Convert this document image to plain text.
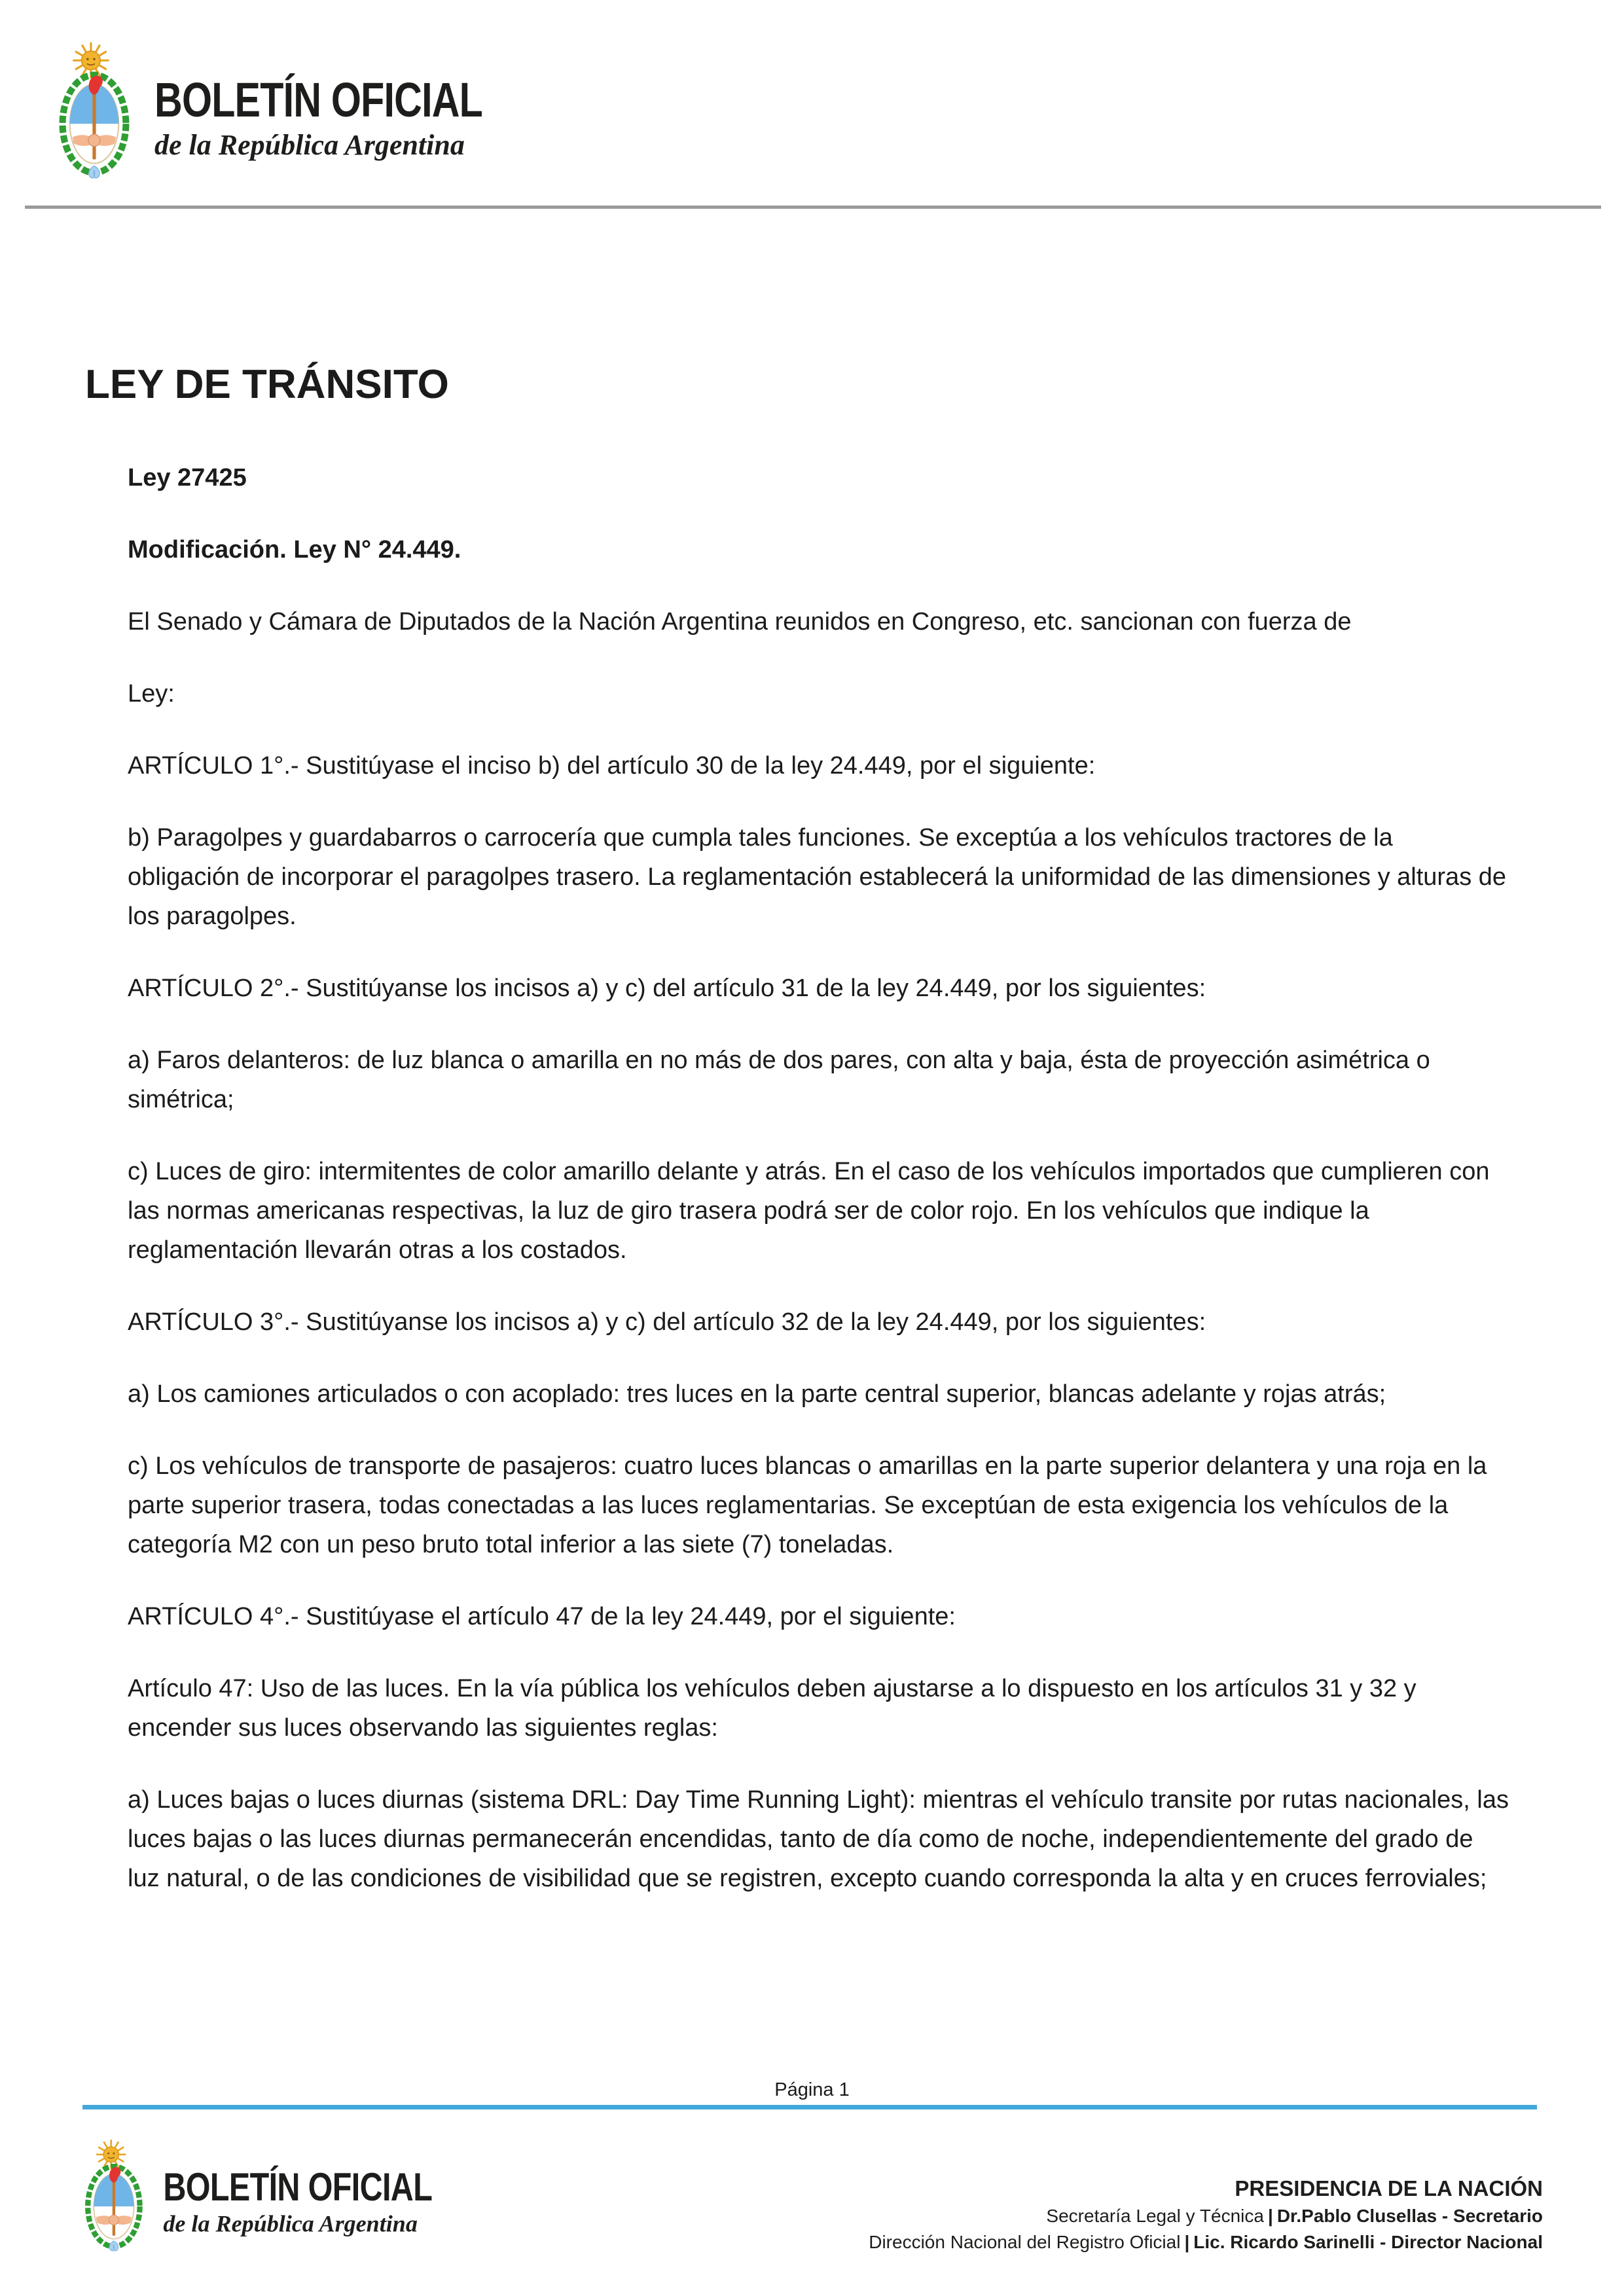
BOLETÍN OFICIAL
de la República Argentina
LEY DE TRÁNSITO

Ley 27425

Modificación. Ley N° 24.449.

El Senado y Cámara de Diputados de la Nación Argentina reunidos en Congreso, etc. sancionan con fuerza de

Ley:

ARTÍCULO 1°.- Sustitúyase el inciso b) del artículo 30 de la ley 24.449, por el siguiente:

b) Paragolpes y guardabarros o carrocería que cumpla tales funciones. Se exceptúa a los vehículos tractores de la obligación de incorporar el paragolpes trasero. La reglamentación establecerá la uniformidad de las dimensiones y alturas de los paragolpes.

ARTÍCULO 2°.- Sustitúyanse los incisos a) y c) del artículo 31 de la ley 24.449, por los siguientes:

a) Faros delanteros: de luz blanca o amarilla en no más de dos pares, con alta y baja, ésta de proyección asimétrica o simétrica;

c) Luces de giro: intermitentes de color amarillo delante y atrás. En el caso de los vehículos importados que cumplieren con las normas americanas respectivas, la luz de giro trasera podrá ser de color rojo. En los vehículos que indique la reglamentación llevarán otras a los costados.

ARTÍCULO 3°.- Sustitúyanse los incisos a) y c) del artículo 32 de la ley 24.449, por los siguientes:

a) Los camiones articulados o con acoplado: tres luces en la parte central superior, blancas adelante y rojas atrás;

c) Los vehículos de transporte de pasajeros: cuatro luces blancas o amarillas en la parte superior delantera y una roja en la parte superior trasera, todas conectadas a las luces reglamentarias. Se exceptúan de esta exigencia los vehículos de la categoría M2 con un peso bruto total inferior a las siete (7) toneladas.

ARTÍCULO 4°.- Sustitúyase el artículo 47 de la ley 24.449, por el siguiente:

Artículo 47: Uso de las luces. En la vía pública los vehículos deben ajustarse a lo dispuesto en los artículos 31 y 32 y encender sus luces observando las siguientes reglas:

a) Luces bajas o luces diurnas (sistema DRL: Day Time Running Light): mientras el vehículo transite por rutas nacionales, las luces bajas o las luces diurnas permanecerán encendidas, tanto de día como de noche, independientemente del grado de luz natural, o de las condiciones de visibilidad que se registren, excepto cuando corresponda la alta y en cruces ferroviales;

Página 1
BOLETÍN OFICIAL
de la República Argentina
PRESIDENCIA DE LA NACIÓN
Secretaría Legal y Técnica | Dr.Pablo Clusellas - Secretario
Dirección Nacional del Registro Oficial | Lic. Ricardo Sarinelli - Director Nacional
